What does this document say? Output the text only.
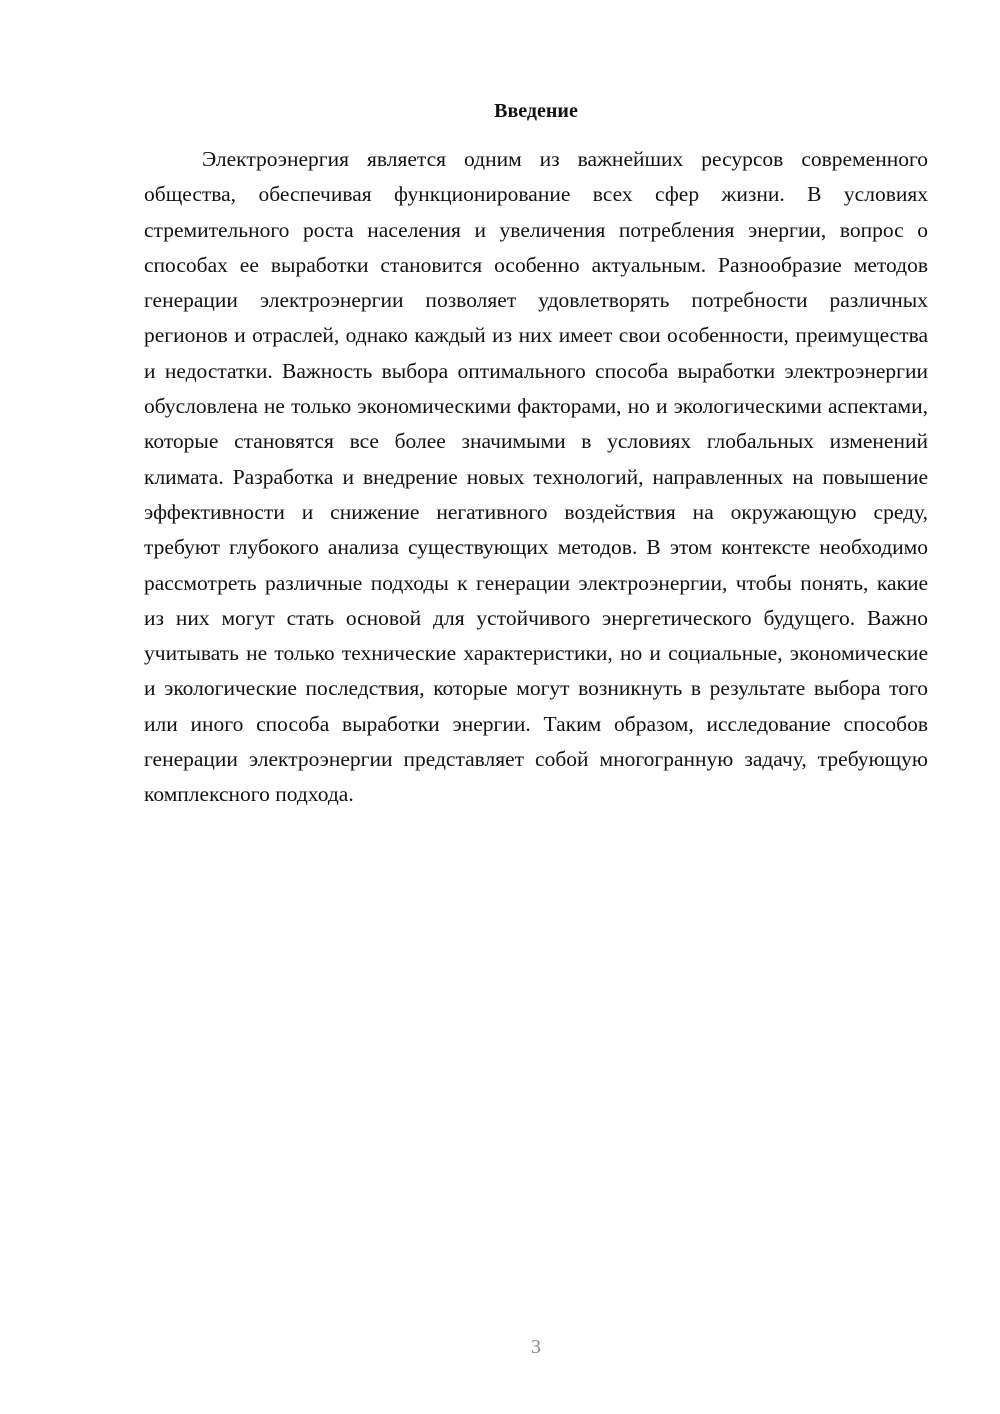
Введение

Электроэнергия является одним из важнейших ресурсов современного общества, обеспечивая функционирование всех сфер жизни. В условиях стремительного роста населения и увеличения потребления энергии, вопрос о способах ее выработки становится особенно актуальным. Разнообразие методов генерации электроэнергии позволяет удовлетворять потребности различных регионов и отраслей, однако каждый из них имеет свои особенности, преимущества и недостатки. Важность выбора оптимального способа выработки электроэнергии обусловлена не только экономическими факторами, но и экологическими аспектами, которые становятся все более значимыми в условиях глобальных изменений климата. Разработка и внедрение новых технологий, направленных на повышение эффективности и снижение негативного воздействия на окружающую среду, требуют глубокого анализа существующих методов. В этом контексте необходимо рассмотреть различные подходы к генерации электроэнергии, чтобы понять, какие из них могут стать основой для устойчивого энергетического будущего. Важно учитывать не только технические характеристики, но и социальные, экономические и экологические последствия, которые могут возникнуть в результате выбора того или иного способа выработки энергии. Таким образом, исследование способов генерации электроэнергии представляет собой многогранную задачу, требующую комплексного подхода.

3
